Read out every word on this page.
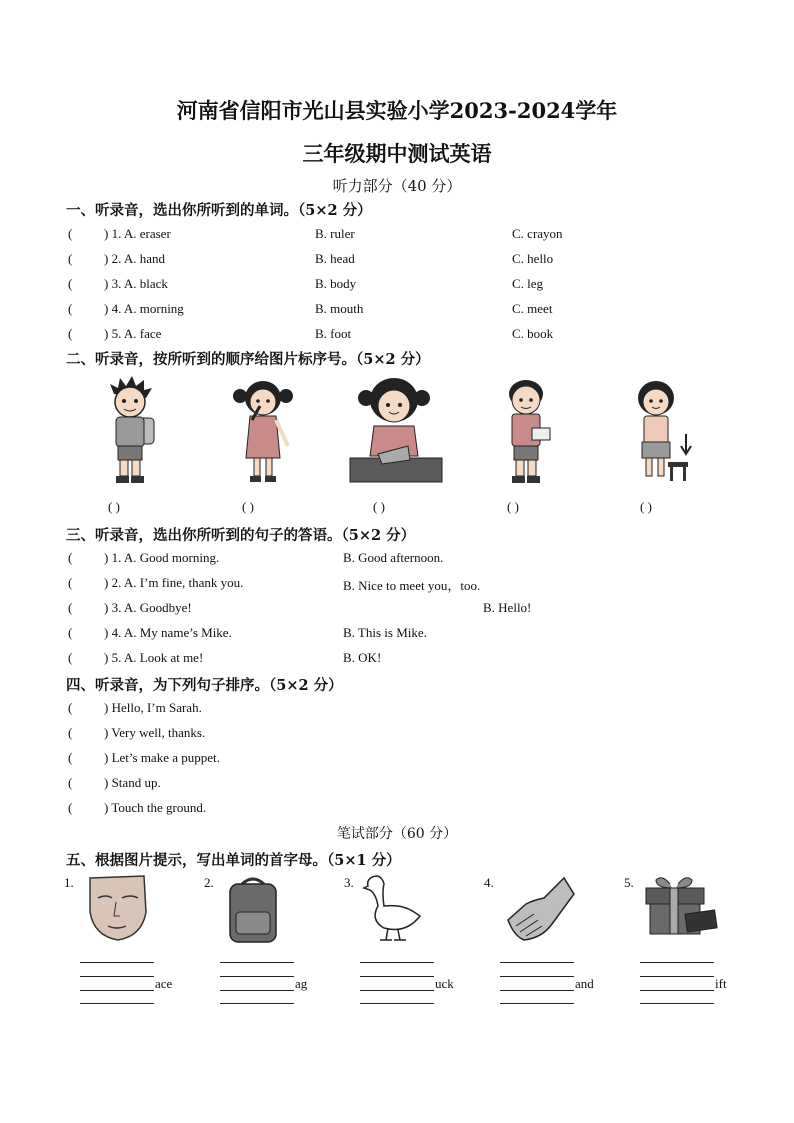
河南省信阳市光山县实验小学2023-2024学年
三年级期中测试英语
听力部分（40 分）
一、听录音，选出你所听到的单词。（5×2 分）
( ) 1. A. eraser	B. ruler	C. crayon
( ) 2. A. hand	B. head	C. hello
( ) 3. A. black	B. body	C. leg
( ) 4. A. morning	B. mouth	C. meet
( ) 5. A. face	B. foot	C. book
二、听录音，按所听到的顺序给图片标序号。（5×2 分）
( )	( )	( )	( )	( )
三、听录音，选出你所听到的句子的答语。（5×2 分）
( ) 1. A. Good morning.	B. Good afternoon.
( ) 2. A. I’m fine, thank you.	B. Nice to meet you，too.
( ) 3. A. Goodbye!	B. Hello!
( ) 4. A. My name’s Mike.	B. This is Mike.
( ) 5. A. Look at me!	B. OK!
四、听录音，为下列句子排序。（5×2 分）
( ) Hello, I’m Sarah.
( ) Very well, thanks.
( ) Let’s make a puppet.
( ) Stand up.
( ) Touch the ground.
笔试部分（60 分）
五、根据图片提示，写出单词的首字母。（5×1 分）
1.
ace
2.
ag
3.
uck
4.
and
5.
ift
